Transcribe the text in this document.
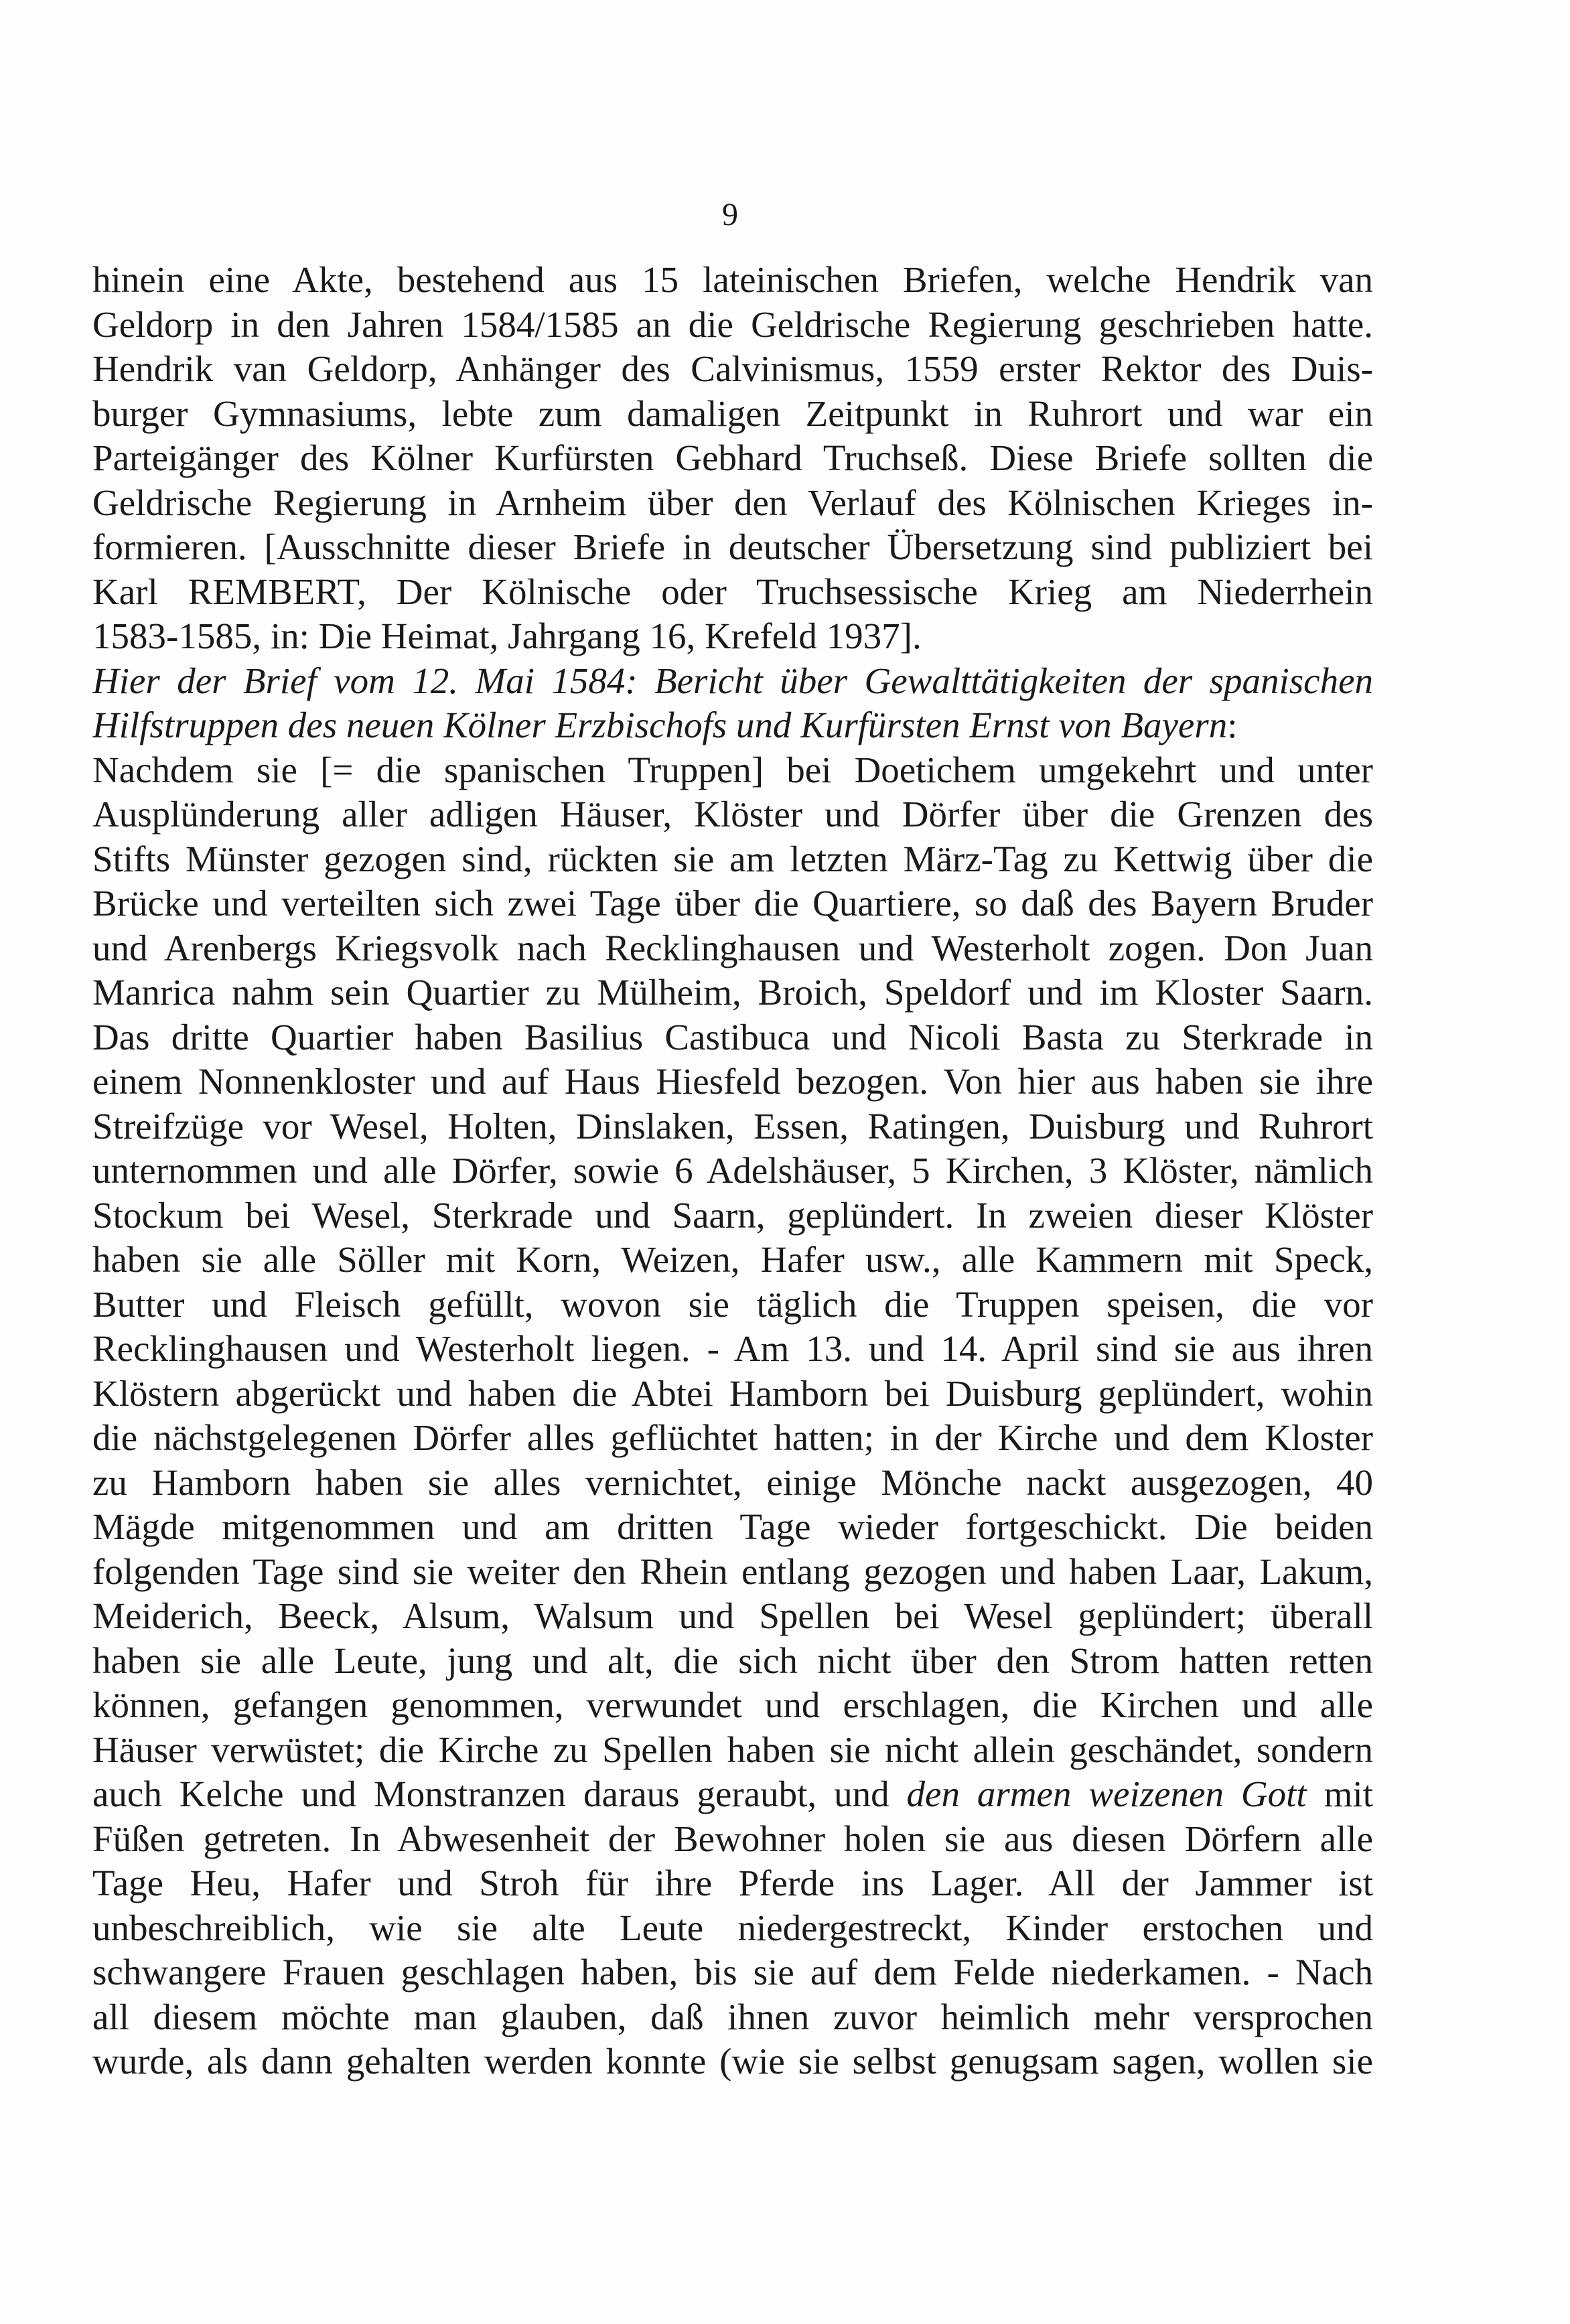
9
hinein eine Akte, bestehend aus 15 lateinischen Briefen, welche Hendrik van
Geldorp in den Jahren 1584/1585 an die Geldrische Regierung geschrieben hatte.
Hendrik van Geldorp, Anhänger des Calvinismus, 1559 erster Rektor des Duis-
burger Gymnasiums, lebte zum damaligen Zeitpunkt in Ruhrort und war ein
Parteigänger des Kölner Kurfürsten Gebhard Truchseß. Diese Briefe sollten die
Geldrische Regierung in Arnheim über den Verlauf des Kölnischen Krieges in-
formieren. [Ausschnitte dieser Briefe in deutscher Übersetzung sind publiziert bei
Karl REMBERT, Der Kölnische oder Truchsessische Krieg am Niederrhein
1583-1585, in: Die Heimat, Jahrgang 16, Krefeld 1937].
Hier der Brief vom 12. Mai 1584: Bericht über Gewalttätigkeiten der spanischen
Hilfstruppen des neuen Kölner Erzbischofs und Kurfürsten Ernst von Bayern:
Nachdem sie [= die spanischen Truppen] bei Doetichem umgekehrt und unter
Ausplünderung aller adligen Häuser, Klöster und Dörfer über die Grenzen des
Stifts Münster gezogen sind, rückten sie am letzten März-Tag zu Kettwig über die
Brücke und verteilten sich zwei Tage über die Quartiere, so daß des Bayern Bruder
und Arenbergs Kriegsvolk nach Recklinghausen und Westerholt zogen. Don Juan
Manrica nahm sein Quartier zu Mülheim, Broich, Speldorf und im Kloster Saarn.
Das dritte Quartier haben Basilius Castibuca und Nicoli Basta zu Sterkrade in
einem Nonnenkloster und auf Haus Hiesfeld bezogen. Von hier aus haben sie ihre
Streifzüge vor Wesel, Holten, Dinslaken, Essen, Ratingen, Duisburg und Ruhrort
unternommen und alle Dörfer, sowie 6 Adelshäuser, 5 Kirchen, 3 Klöster, nämlich
Stockum bei Wesel, Sterkrade und Saarn, geplündert. In zweien dieser Klöster
haben sie alle Söller mit Korn, Weizen, Hafer usw., alle Kammern mit Speck,
Butter und Fleisch gefüllt, wovon sie täglich die Truppen speisen, die vor
Recklinghausen und Westerholt liegen. - Am 13. und 14. April sind sie aus ihren
Klöstern abgerückt und haben die Abtei Hamborn bei Duisburg geplündert, wohin
die nächstgelegenen Dörfer alles geflüchtet hatten; in der Kirche und dem Kloster
zu Hamborn haben sie alles vernichtet, einige Mönche nackt ausgezogen, 40
Mägde mitgenommen und am dritten Tage wieder fortgeschickt. Die beiden
folgenden Tage sind sie weiter den Rhein entlang gezogen und haben Laar, Lakum,
Meiderich, Beeck, Alsum, Walsum und Spellen bei Wesel geplündert; überall
haben sie alle Leute, jung und alt, die sich nicht über den Strom hatten retten
können, gefangen genommen, verwundet und erschlagen, die Kirchen und alle
Häuser verwüstet; die Kirche zu Spellen haben sie nicht allein geschändet, sondern
auch Kelche und Monstranzen daraus geraubt, und den armen weizenen Gott mit
Füßen getreten. In Abwesenheit der Bewohner holen sie aus diesen Dörfern alle
Tage Heu, Hafer und Stroh für ihre Pferde ins Lager. All der Jammer ist
unbeschreiblich, wie sie alte Leute niedergestreckt, Kinder erstochen und
schwangere Frauen geschlagen haben, bis sie auf dem Felde niederkamen. - Nach
all diesem möchte man glauben, daß ihnen zuvor heimlich mehr versprochen
wurde, als dann gehalten werden konnte (wie sie selbst genugsam sagen, wollen sie
